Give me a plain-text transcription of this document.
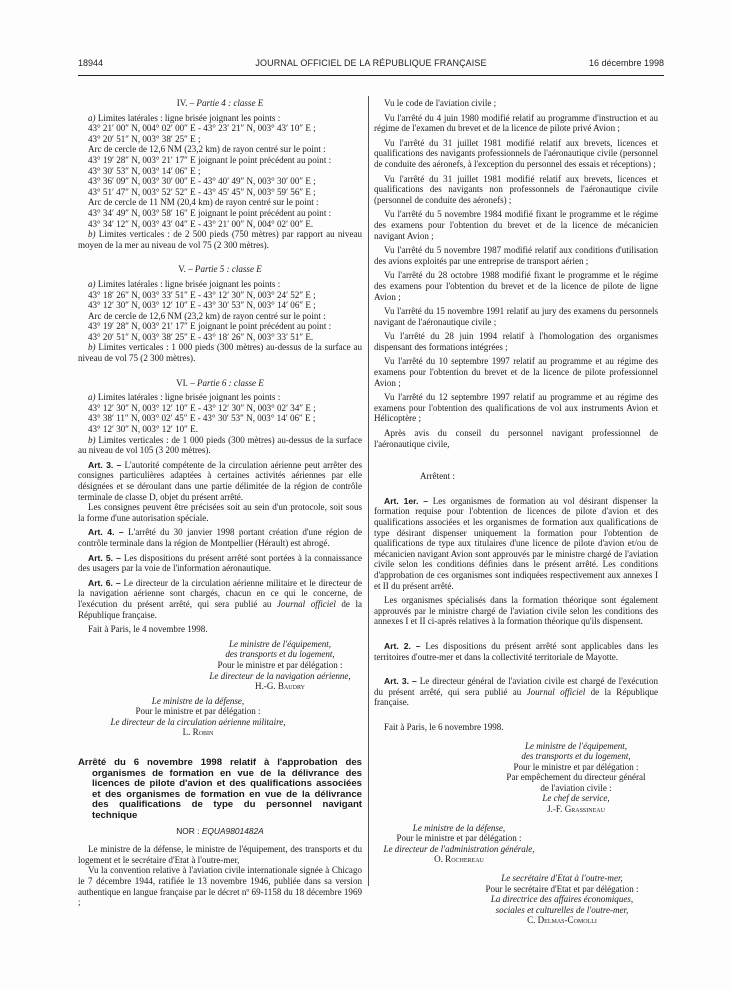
18944	JOURNAL OFFICIEL DE LA RÉPUBLIQUE FRANÇAISE	16 décembre 1998

IV. – Partie 4 : classe E

a) Limites latérales : ligne brisée joignant les points :

43° 21′ 00″ N, 004° 02′ 00″ E - 43° 23′ 21″ N, 003° 43′ 10″ E ;

43° 20′ 51″ N, 003° 38′ 25″ E ;

Arc de cercle de 12,6 NM (23,2 km) de rayon centré sur le point :

43° 19′ 28″ N, 003° 21′ 17″ E joignant le point précédent au point :

43° 30′ 53″ N, 003° 14′ 06″ E ;

43° 36′ 09″ N, 003° 30′ 00″ E - 43° 40′ 49″ N, 003° 30′ 00″ E ;

43° 51′ 47″ N, 003° 52′ 52″ E - 43° 45′ 45″ N, 003° 59′ 56″ E ;

Arc de cercle de 11 NM (20,4 km) de rayon centré sur le point :

43° 34′ 49″ N, 003° 58′ 16″ E joignant le point précédent au point :

43° 34′ 12″ N, 003° 43′ 04″ E - 43° 21′ 00″ N, 004° 02′ 00″ E.

b) Limites verticales : de 2 500 pieds (750 mètres) par rapport au niveau moyen de la mer au niveau de vol 75 (2 300 mètres).

V. – Partie 5 : classe E

a) Limites latérales : ligne brisée joignant les points :

43° 18′ 26″ N, 003° 33′ 51″ E - 43° 12′ 30″ N, 003° 24′ 52″ E ;

43° 12′ 30″ N, 003° 12′ 10″ E - 43° 30′ 53″ N, 003° 14′ 06″ E ;

Arc de cercle de 12,6 NM (23,2 km) de rayon centré sur le point :

43° 19′ 28″ N, 003° 21′ 17″ E joignant le point précédent au point :

43° 20′ 51″ N, 003° 38′ 25″ E - 43° 18′ 26″ N, 003° 33′ 51″ E.

b) Limites verticales : 1 000 pieds (300 mètres) au-dessus de la surface au niveau de vol 75 (2 300 mètres).

VI. – Partie 6 : classe E

a) Limites latérales : ligne brisée joignant les points :

43° 12′ 30″ N, 003° 12′ 10″ E - 43° 12′ 30″ N, 003° 02′ 34″ E ;

43° 38′ 11″ N, 003° 02′ 45″ E - 43° 30′ 53″ N, 003° 14′ 06″ E ;

43° 12′ 30″ N, 003° 12′ 10″ E.

b) Limites verticales : de 1 000 pieds (300 mètres) au-dessus de la surface au niveau de vol 105 (3 200 mètres).

Art. 3. – L'autorité compétente de la circulation aérienne peut arrêter des consignes particulières adaptées à certaines activités aériennes par elle désignées et se déroulant dans une partie délimitée de la région de contrôle terminale de classe D, objet du présent arrêté.

Les consignes peuvent être précisées soit au sein d'un protocole, soit sous la forme d'une autorisation spéciale.

Art. 4. – L'arrêté du 30 janvier 1998 portant création d'une région de contrôle terminale dans la région de Montpellier (Hérault) est abrogé.

Art. 5. – Les dispositions du présent arrêté sont portées à la connaissance des usagers par la voie de l'information aéronautique.

Art. 6. – Le directeur de la circulation aérienne militaire et le directeur de la navigation aérienne sont chargés, chacun en ce qui le concerne, de l'exécution du présent arrêté, qui sera publié au Journal officiel de la République française.

Fait à Paris, le 4 novembre 1998.

Le ministre de l'équipement,

des transports et du logement,

Pour le ministre et par délégation :

Le directeur de la navigation aérienne,

H.-G. Baudry

Le ministre de la défense,

Pour le ministre et par délégation :

Le directeur de la circulation aérienne militaire,

L. Robin

Arrêté du 6 novembre 1998 relatif à l'approbation des organismes de formation en vue de la délivrance des licences de pilote d'avion et des qualifications associées et des organismes de formation en vue de la délivrance des qualifications de type du personnel navigant technique

NOR : EQUA9801482A

Le ministre de la défense, le ministre de l'équipement, des transports et du logement et le secrétaire d'Etat à l'outre-mer,

Vu la convention relative à l'aviation civile internationale signée à Chicago le 7 décembre 1944, ratifiée le 13 novembre 1946, publiée dans sa version authentique en langue française par le décret nº 69-1158 du 18 décembre 1969 ;

Vu le code de l'aviation civile ;

Vu l'arrêté du 4 juin 1980 modifié relatif au programme d'instruction et au régime de l'examen du brevet et de la licence de pilote privé Avion ;

Vu l'arrêté du 31 juillet 1981 modifié relatif aux brevets, licences et qualifications des navigants professionnels de l'aéronautique civile (personnel de conduite des aéronefs, à l'exception du personnel des essais et réceptions) ;

Vu l'arrêté du 31 juillet 1981 modifié relatif aux brevets, licences et qualifications des navigants non professonnels de l'aéronautique civile (personnel de conduite des aéronefs) ;

Vu l'arrêté du 5 novembre 1984 modifié fixant le programme et le régime des examens pour l'obtention du brevet et de la licence de mécanicien navigant Avion ;

Vu l'arrêté du 5 novembre 1987 modifié relatif aux conditions d'utilisation des avions exploités par une entreprise de transport aérien ;

Vu l'arrêté du 28 octobre 1988 modifié fixant le programme et le régime des examens pour l'obtention du brevet et de la licence de pilote de ligne Avion ;

Vu l'arrêté du 15 novembre 1991 relatif au jury des examens du personnels navigant de l'aéronautique civile ;

Vu l'arrêté du 28 juin 1994 relatif à l'homologation des organismes dispensant des formations intégrées ;

Vu l'arrêté du 10 septembre 1997 relatif au programme et au régime des examens pour l'obtention du brevet et de la licence de pilote professionnel Avion ;

Vu l'arrêté du 12 septembre 1997 relatif au programme et au régime des examens pour l'obtention des qualifications de vol aux instruments Avion et Hélicoptère ;

Après avis du conseil du personnel navigant professionnel de l'aéronautique civile,

Arrêtent :

Art. 1er. – Les organismes de formation au vol désirant dispenser la formation requise pour l'obtention de licences de pilote d'avion et des qualifications associées et les organismes de formation aux qualifications de type désirant dispenser uniquement la formation pour l'obtention de qualifications de type aux titulaires d'une licence de pilote d'avion et/ou de mécanicien navigant Avion sont approuvés par le ministre chargé de l'aviation civile selon les conditions définies dans le présent arrêté. Les conditions d'approbation de ces organismes sont indiquées respectivement aux annexes I et II du présent arrêté.

Les organismes spécialisés dans la formation théorique sont également approuvés par le ministre chargé de l'aviation civile selon les conditions des annexes I et II ci-après relatives à la formation théorique qu'ils dispensent.

Art. 2. – Les dispositions du présent arrêté sont applicables dans les territoires d'outre-mer et dans la collectivité territoriale de Mayotte.

Art. 3. – Le directeur général de l'aviation civile est chargé de l'exécution du présent arrêté, qui sera publié au Journal officiel de la République française.

Fait à Paris, le 6 novembre 1998.

Le ministre de l'équipement,

des transports et du logement,

Pour le ministre et par délégation :

Par empêchement du directeur général

de l'aviation civile :

Le chef de service,

J.-F. Grassineau

Le ministre de la défense,

Pour le ministre et par délégation :

Le directeur de l'administration générale,

O. Rochereau

Le secrétaire d'Etat à l'outre-mer,

Pour le secrétaire d'Etat et par délégation :

La directrice des affaires économiques,

sociales et culturelles de l'outre-mer,

C. Delmas-Comolli
